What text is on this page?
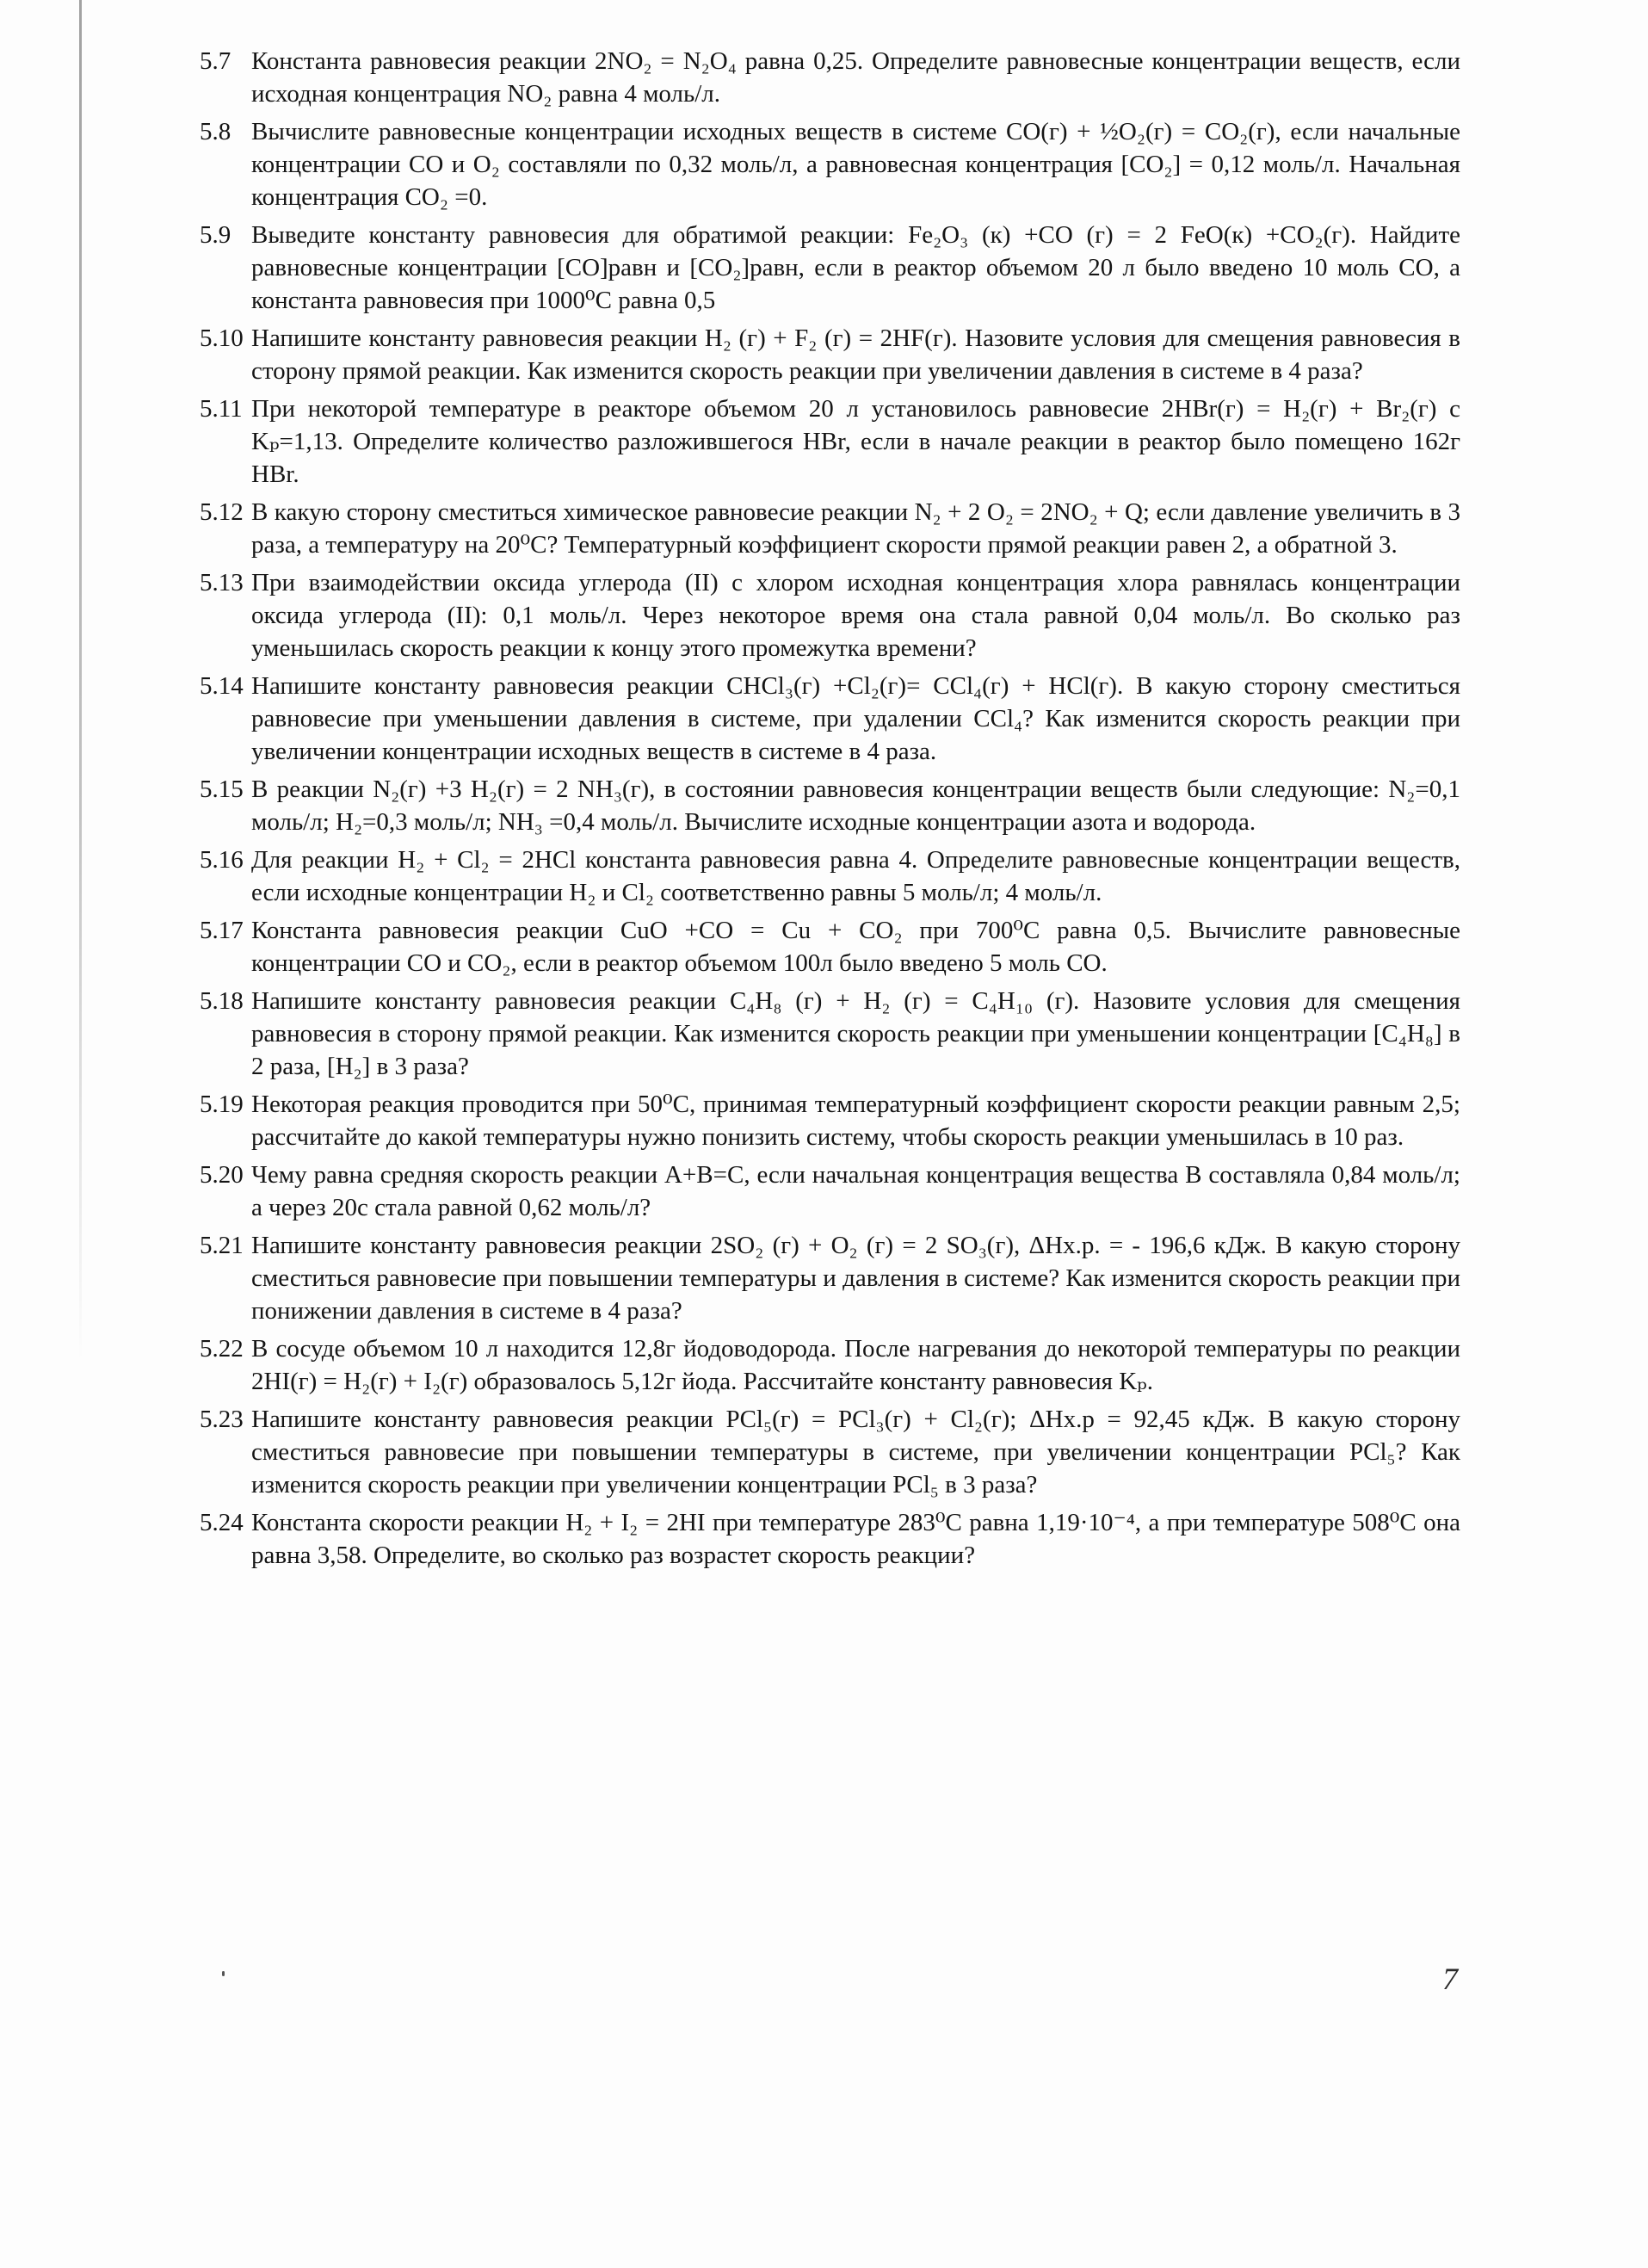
5.7 Константа равновесия реакции 2NO₂ = N₂O₄ равна 0,25. Определите равновесные концентрации веществ, если исходная концентрация NO₂ равна 4 моль/л.
5.8 Вычислите равновесные концентрации исходных веществ в системе CO(г) + ½O₂(г) = CO₂(г), если начальные концентрации CO и O₂ составляли по 0,32 моль/л, а равновесная концентрация [CO₂] = 0,12 моль/л. Начальная концентрация CO₂ =0.
5.9 Выведите константу равновесия для обратимой реакции: Fe₂O₃ (к) +CO (г) = 2 FeO(к) +CO₂(г). Найдите равновесные концентрации [CO]равн и [CO₂]равн, если в реактор объемом 20 л было введено 10 моль CO, а константа равновесия при 1000⁰C равна 0,5
5.10 Напишите константу равновесия реакции H₂ (г) + F₂ (г) = 2HF(г). Назовите условия для смещения равновесия в сторону прямой реакции. Как изменится скорость реакции при увеличении давления в системе в 4 раза?
5.11 При некоторой температуре в реакторе объемом 20 л установилось равновесие 2HBr(г) = H₂(г) + Br₂(г) с Kₚ=1,13. Определите количество разложившегося HBr, если в начале реакции в реактор было помещено 162г HBr.
5.12 В какую сторону сместиться химическое равновесие реакции N₂ + 2 O₂ = 2NO₂ + Q; если давление увеличить в 3 раза, а температуру на 20⁰C? Температурный коэффициент скорости прямой реакции равен 2, а обратной 3.
5.13 При взаимодействии оксида углерода (II) с хлором исходная концентрация хлора равнялась концентрации оксида углерода (II): 0,1 моль/л. Через некоторое время она стала равной 0,04 моль/л. Во сколько раз уменьшилась скорость реакции к концу этого промежутка времени?
5.14 Напишите константу равновесия реакции CHCl₃(г) +Cl₂(г)= CCl₄(г) + HCl(г). В какую сторону сместиться равновесие при уменьшении давления в системе, при удалении CCl₄? Как изменится скорость реакции при увеличении концентрации исходных веществ в системе в 4 раза.
5.15 В реакции N₂(г) +3 H₂(г) = 2 NH₃(г), в состоянии равновесия концентрации веществ были следующие: N₂=0,1 моль/л; H₂=0,3 моль/л; NH₃ =0,4 моль/л. Вычислите исходные концентрации азота и водорода.
5.16 Для реакции H₂ + Cl₂ = 2HCl константа равновесия равна 4. Определите равновесные концентрации веществ, если исходные концентрации H₂ и Cl₂ соответственно равны 5 моль/л; 4 моль/л.
5.17 Константа равновесия реакции CuO +CO = Cu + CO₂ при 700⁰C равна 0,5. Вычислите равновесные концентрации CO и CO₂, если в реактор объемом 100л было введено 5 моль CO.
5.18 Напишите константу равновесия реакции C₄H₈ (г) + H₂ (г) = C₄H₁₀ (г). Назовите условия для смещения равновесия в сторону прямой реакции. Как изменится скорость реакции при уменьшении концентрации [C₄H₈] в 2 раза, [H₂] в 3 раза?
5.19 Некоторая реакция проводится при 50⁰C, принимая температурный коэффициент скорости реакции равным 2,5; рассчитайте до какой температуры нужно понизить систему, чтобы скорость реакции уменьшилась в 10 раз.
5.20 Чему равна средняя скорость реакции A+B=C, если начальная концентрация вещества B составляла 0,84 моль/л; а через 20с стала равной 0,62 моль/л?
5.21 Напишите константу равновесия реакции 2SO₂ (г) + O₂ (г) = 2 SO₃(г), ΔHх.р. = - 196,6 кДж. В какую сторону сместиться равновесие при повышении температуры и давления в системе? Как изменится скорость реакции при понижении давления в системе в 4 раза?
5.22 В сосуде объемом 10 л находится 12,8г йодоводорода. После нагревания до некоторой температуры по реакции 2HI(г) = H₂(г) + I₂(г) образовалось 5,12г йода. Рассчитайте константу равновесия Kₚ.
5.23 Напишите константу равновесия реакции PCl₅(г) = PCl₃(г) + Cl₂(г); ΔHх.р = 92,45 кДж. В какую сторону сместиться равновесие при повышении температуры в системе, при увеличении концентрации PCl₅? Как изменится скорость реакции при увеличении концентрации PCl₅ в 3 раза?
5.24 Константа скорости реакции H₂ + I₂ = 2HI при температуре 283⁰C равна 1,19·10⁻⁴, а при температуре 508⁰C она равна 3,58. Определите, во сколько раз возрастет скорость реакции?
7
